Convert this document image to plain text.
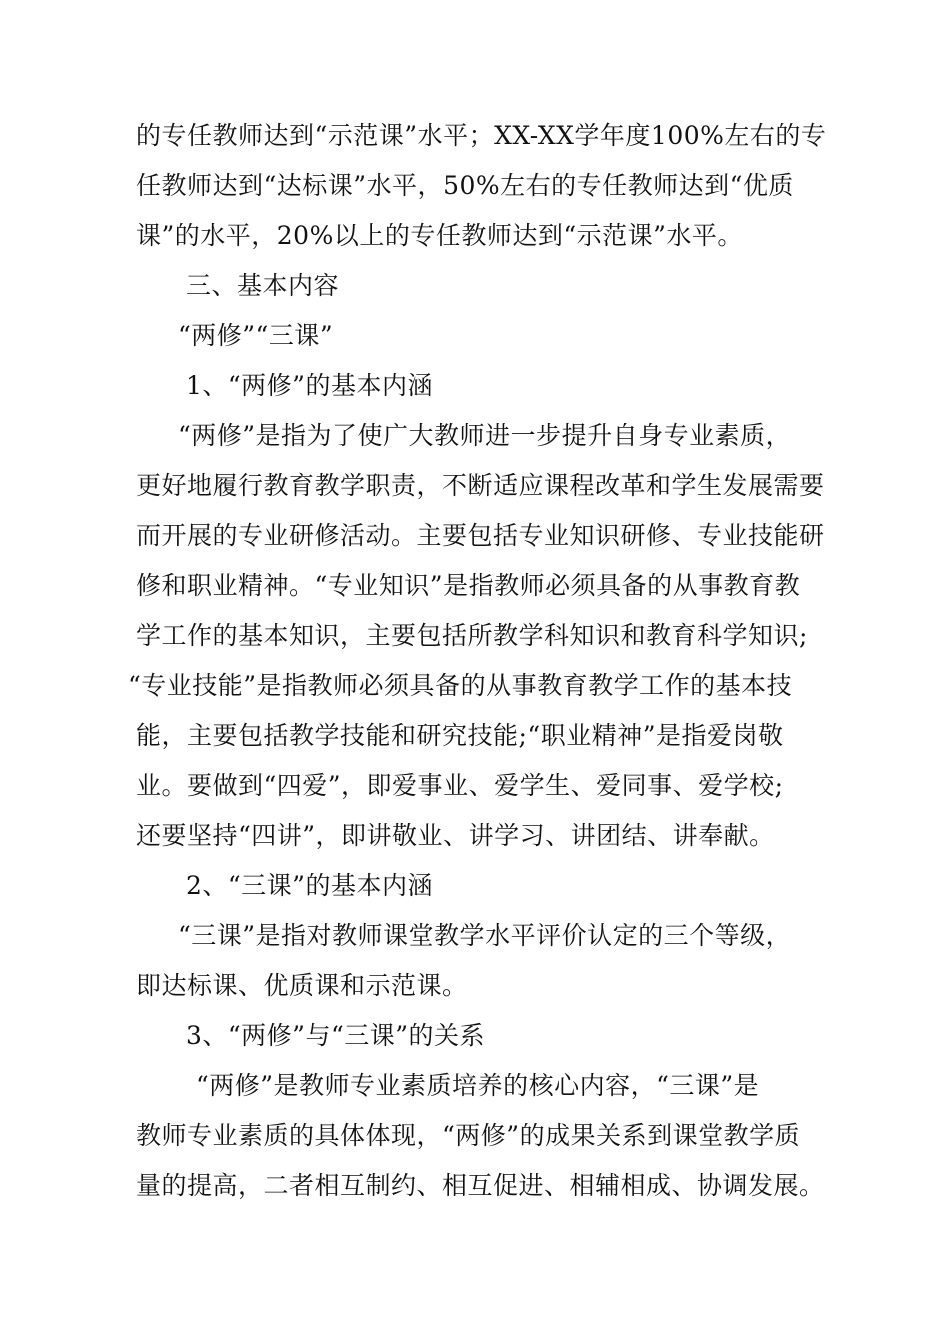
的专任教师达到“示范课”水平；XX-XX学年度100%左右的专
任教师达到“达标课”水平，50%左右的专任教师达到“优质
课”的水平，20%以上的专任教师达到“示范课”水平。
三、基本内容
“两修”“三课”
1、“两修”的基本内涵
“两修”是指为了使广大教师进一步提升自身专业素质，
更好地履行教育教学职责，不断适应课程改革和学生发展需要
而开展的专业研修活动。主要包括专业知识研修、专业技能研
修和职业精神。“专业知识”是指教师必须具备的从事教育教
学工作的基本知识，主要包括所教学科知识和教育科学知识;
“专业技能”是指教师必须具备的从事教育教学工作的基本技
能，主要包括教学技能和研究技能;“职业精神”是指爱岗敬
业。要做到“四爱”，即爱事业、爱学生、爱同事、爱学校;
还要坚持“四讲”，即讲敬业、讲学习、讲团结、讲奉献。
2、“三课”的基本内涵
“三课”是指对教师课堂教学水平评价认定的三个等级，
即达标课、优质课和示范课。
3、“两修”与“三课”的关系
“两修”是教师专业素质培养的核心内容，“三课”是
教师专业素质的具体体现，“两修”的成果关系到课堂教学质
量的提高，二者相互制约、相互促进、相辅相成、协调发展。
